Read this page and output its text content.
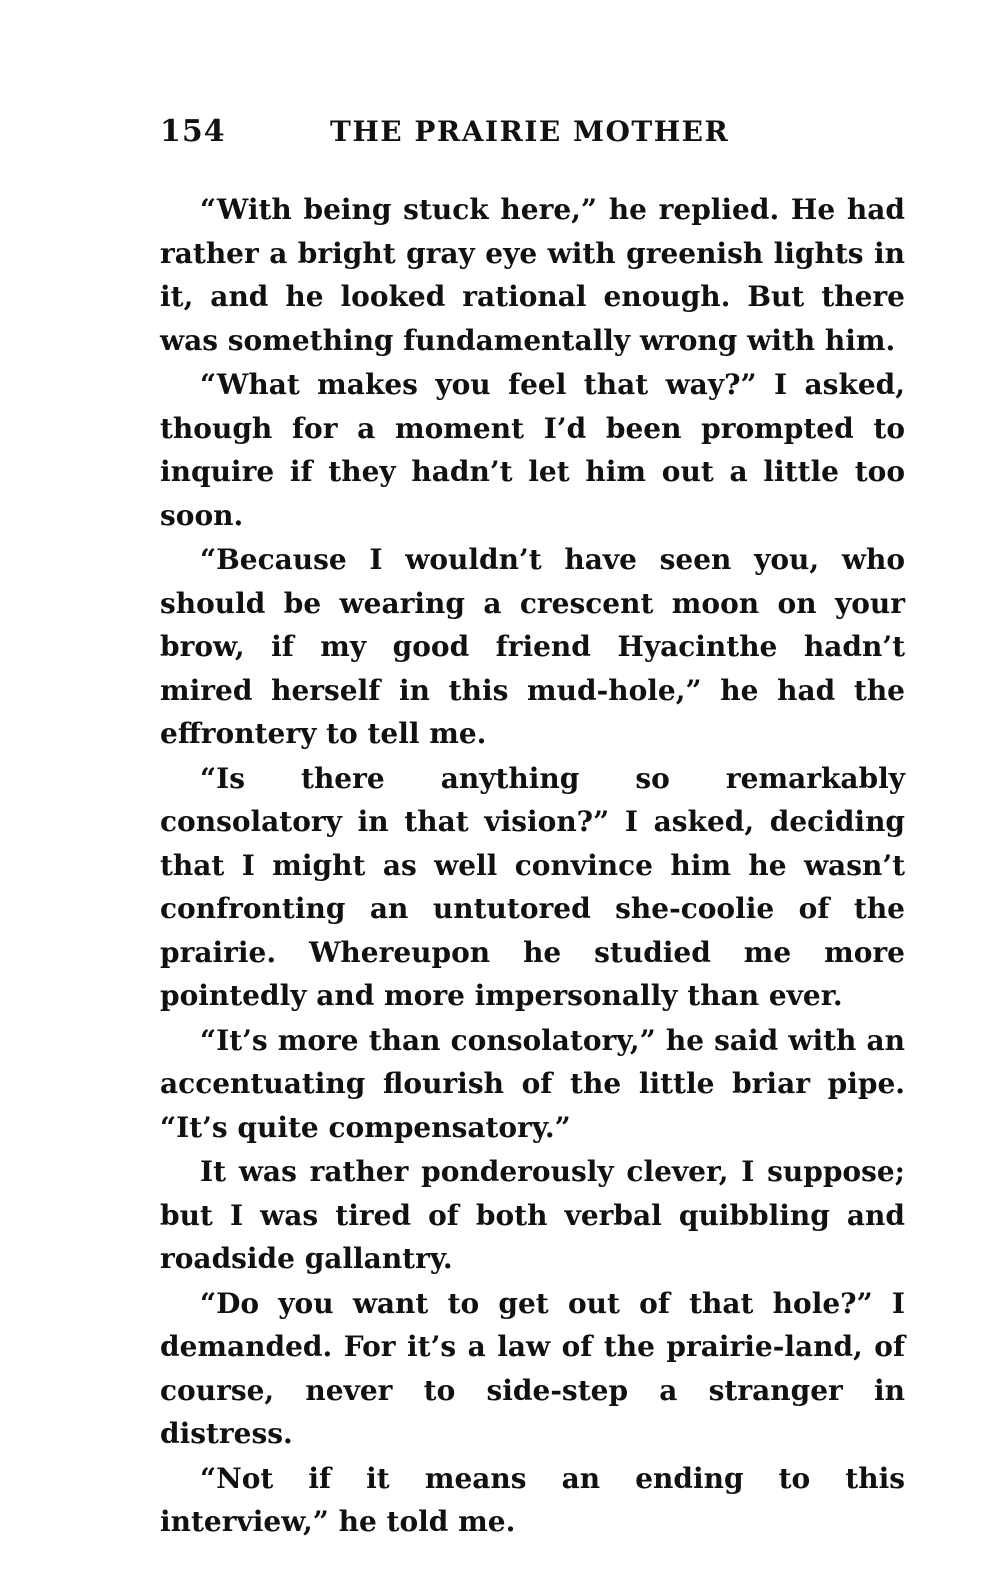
154	THE PRAIRIE MOTHER

“With being stuck here,” he replied. He had rather a bright gray eye with greenish lights in it, and he looked rational enough. But there was something fundamentally wrong with him.

“What makes you feel that way?” I asked, though for a moment I’d been prompted to inquire if they hadn’t let him out a little too soon.

“Because I wouldn’t have seen you, who should be wearing a crescent moon on your brow, if my good friend Hyacinthe hadn’t mired herself in this mud-hole,” he had the effrontery to tell me.

“Is there anything so remarkably consolatory in that vision?” I asked, deciding that I might as well convince him he wasn’t confronting an untutored she-coolie of the prairie. Whereupon he studied me more pointedly and more impersonally than ever.

“It’s more than consolatory,” he said with an accentuating flourish of the little briar pipe. “It’s quite compensatory.”

It was rather ponderously clever, I suppose; but I was tired of both verbal quibbling and roadside gallantry.

“Do you want to get out of that hole?” I demanded. For it’s a law of the prairie-land, of course, never to side-step a stranger in distress.

“Not if it means an ending to this interview,” he told me.
